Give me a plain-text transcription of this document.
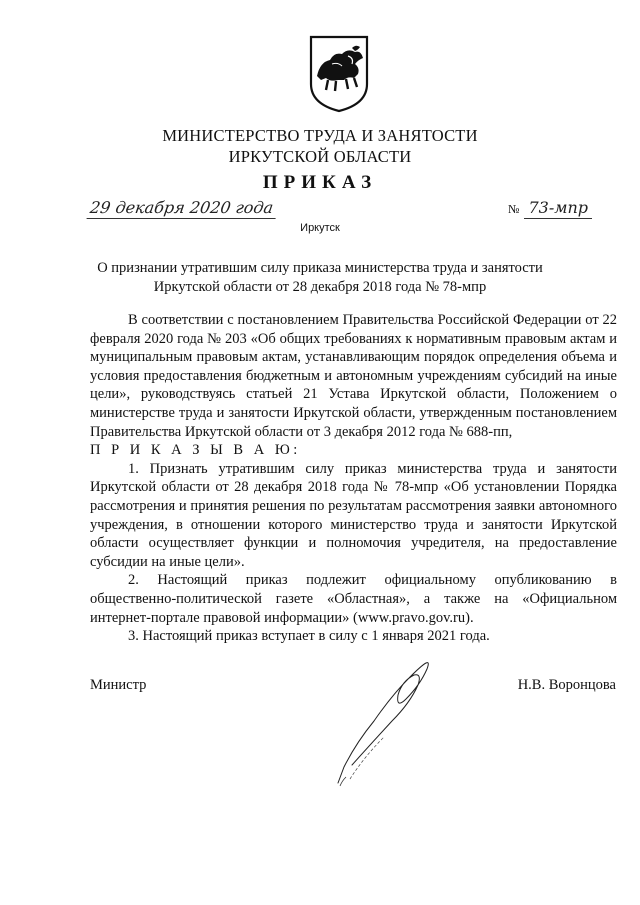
МИНИСТЕРСТВО ТРУДА И ЗАНЯТОСТИ
ИРКУТСКОЙ ОБЛАСТИ
ПРИКАЗ
29 декабря 2020 года	№ 73-мпр
Иркутск
О признании утратившим силу приказа министерства труда и занятости
Иркутской области от 28 декабря 2018 года № 78-мпр

В соответствии с постановлением Правительства Российской Федерации от 22 февраля 2020 года № 203 «Об общих требованиях к нормативным правовым актам и муниципальным правовым актам, устанавливающим порядок определения объема и условия предоставления бюджетным и автономным учреждениям субсидий на иные цели», руководствуясь статьей 21 Устава Иркутской области, Положением о министерстве труда и занятости Иркутской области, утвержденным постановлением Правительства Иркутской области от 3 декабря 2012 года № 688-пп,

П Р И К А З Ы В А Ю:

1. Признать утратившим силу приказ министерства труда и занятости Иркутской области от 28 декабря 2018 года № 78-мпр «Об установлении Порядка рассмотрения и принятия решения по результатам рассмотрения заявки автономного учреждения, в отношении которого министерство труда и занятости Иркутской области осуществляет функции и полномочия учредителя, на предоставление субсидии на иные цели».

2. Настоящий приказ подлежит официальному опубликованию в общественно-политической газете «Областная», а также на «Официальном интернет-портале правовой информации» (www.pravo.gov.ru).

3. Настоящий приказ вступает в силу с 1 января 2021 года.

Министр	Н.В. Воронцова
